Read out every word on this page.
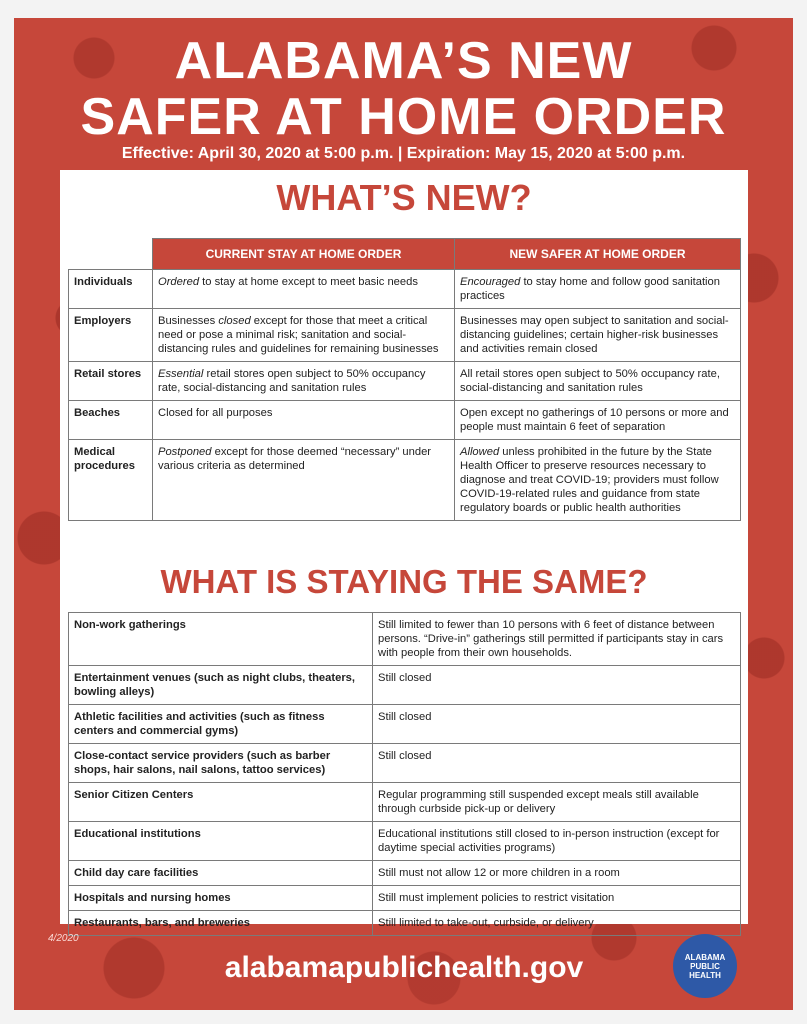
ALABAMA’S NEW
SAFER AT HOME ORDER
Effective: April 30, 2020 at 5:00 p.m. | Expiration: May 15, 2020 at 5:00 p.m.
WHAT’S NEW?
	CURRENT STAY AT HOME ORDER	NEW SAFER AT HOME ORDER
Individuals	Ordered to stay at home except to meet basic needs	Encouraged to stay home and follow good sanitation practices
Employers	Businesses closed except for those that meet a critical need or pose a minimal risk; sanitation and social-distancing rules and guidelines for remaining businesses	Businesses may open subject to sanitation and social-distancing guidelines; certain higher-risk businesses and activities remain closed
Retail stores	Essential retail stores open subject to 50% occupancy rate, social-distancing and sanitation rules	All retail stores open subject to 50% occupancy rate, social-distancing and sanitation rules
Beaches	Closed for all purposes	Open except no gatherings of 10 persons or more and people must maintain 6 feet of separation
Medical procedures	Postponed except for those deemed “necessary” under various criteria as determined	Allowed unless prohibited in the future by the State Health Officer to preserve resources necessary to diagnose and treat COVID-19; providers must follow COVID-19-related rules and guidance from state regulatory boards or public health authorities
WHAT IS STAYING THE SAME?
Non-work gatherings	Still limited to fewer than 10 persons with 6 feet of distance between persons. “Drive-in” gatherings still permitted if participants stay in cars with people from their own households.
Entertainment venues (such as night clubs, theaters, bowling alleys)	Still closed
Athletic facilities and activities (such as fitness centers and commercial gyms)	Still closed
Close-contact service providers (such as barber shops, hair salons, nail salons, tattoo services)	Still closed
Senior Citizen Centers	Regular programming still suspended except meals still available through curbside pick-up or delivery
Educational institutions	Educational institutions still closed to in-person instruction (except for daytime special activities programs)
Child day care facilities	Still must not allow 12 or more children in a room
Hospitals and nursing homes	Still must implement policies to restrict visitation
Restaurants, bars, and breweries	Still limited to take-out, curbside, or delivery
4/2020
alabamapublichealth.gov	ALABAMA
PUBLIC
HEALTH
